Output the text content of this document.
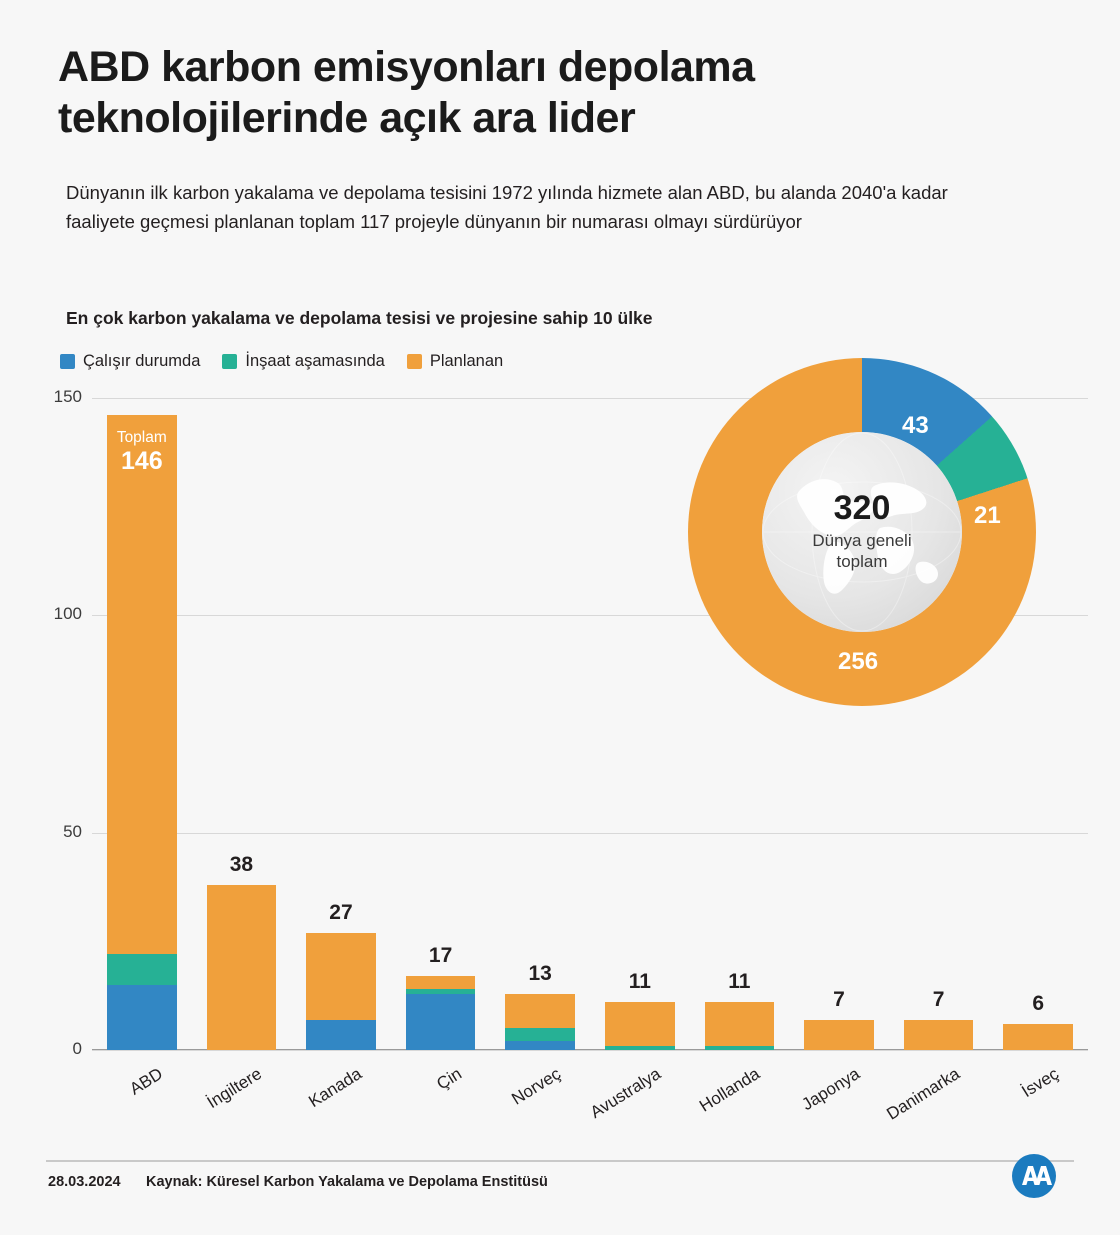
ABD karbon emisyonları depolama teknolojilerinde açık ara lider
Dünyanın ilk karbon yakalama ve depolama tesisini 1972 yılında hizmete alan ABD, bu alanda 2040'a kadar faaliyete geçmesi planlanan toplam 117 projeyle dünyanın bir numarası olmayı sürdürüyor
En çok karbon yakalama ve depolama tesisi ve projesine sahip 10 ülke
Çalışır durumda	İnşaat aşamasında	Planlanan
Toplam
146
38
27
17
13	11	11
7	7	6
0
50
100
150
ABD İngiltere Kanada	Çin	Norveç Avustralya Hollanda Japonya Danimarka	İsveç
320
Dünya geneli
toplam
43
21
256
28.03.2024 Kaynak: Küresel Karbon Yakalama ve Depolama Enstitüsü
